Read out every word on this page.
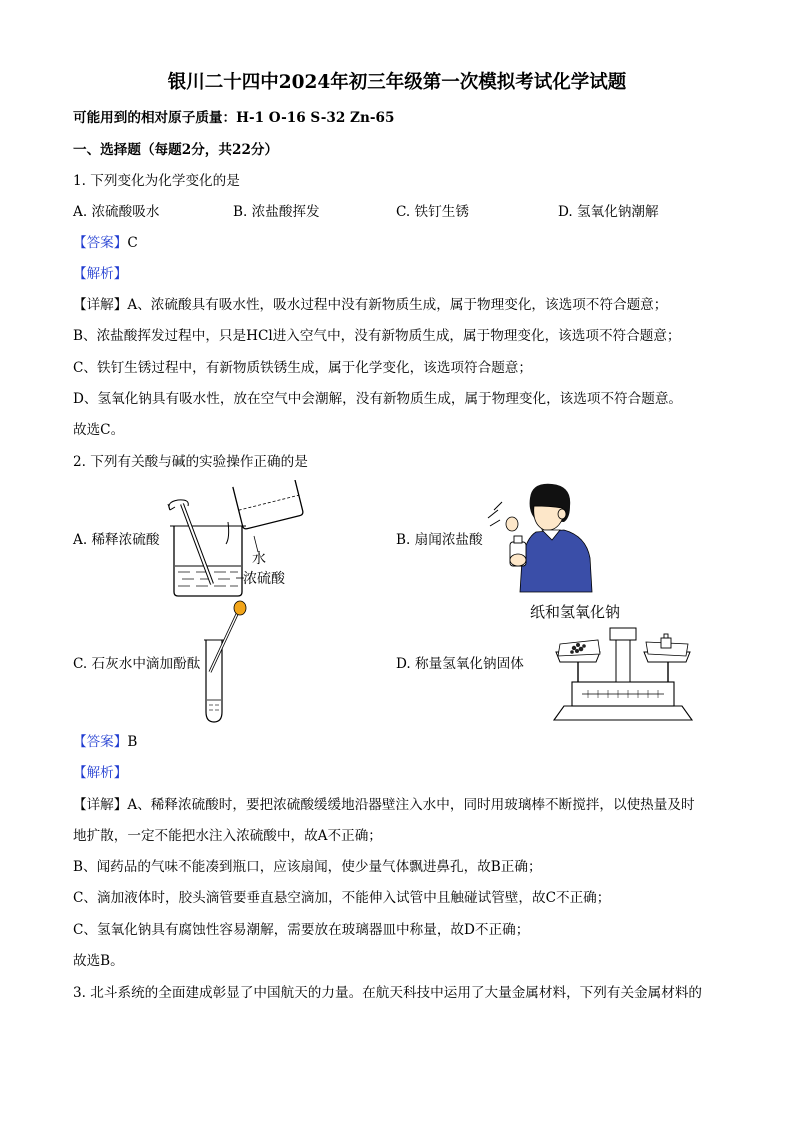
银川二十四中2024年初三年级第一次模拟考试化学试题
可能用到的相对原子质量：H-1 O-16 S-32 Zn-65
一、选择题（每题2分，共22分）
1. 下列变化为化学变化的是
A. 浓硫酸吸水	B. 浓盐酸挥发	C. 铁钉生锈	D. 氢氧化钠潮解
【答案】C
【解析】
【详解】A、浓硫酸具有吸水性，吸水过程中没有新物质生成，属于物理变化，该选项不符合题意；
B、浓盐酸挥发过程中，只是HCl进入空气中，没有新物质生成，属于物理变化，该选项不符合题意；
C、铁钉生锈过程中，有新物质铁锈生成，属于化学变化，该选项符合题意；
D、氢氧化钠具有吸水性，放在空气中会潮解，没有新物质生成，属于物理变化，该选项不符合题意。
故选C。
2. 下列有关酸与碱的实验操作正确的是
A. 稀释浓硫酸	B. 扇闻浓盐酸
C. 石灰水中滴加酚酞	D. 称量氢氧化钠固体
水
浓硫酸
纸和氢氧化钠
【答案】B
【解析】
【详解】A、稀释浓硫酸时，要把浓硫酸缓缓地沿器壁注入水中，同时用玻璃棒不断搅拌，以使热量及时
地扩散，一定不能把水注入浓硫酸中，故A不正确；
B、闻药品的气味不能凑到瓶口，应该扇闻，使少量气体飘进鼻孔，故B正确；
C、滴加液体时，胶头滴管要垂直悬空滴加，不能伸入试管中且触碰试管壁，故C不正确；
C、氢氧化钠具有腐蚀性容易潮解，需要放在玻璃器皿中称量，故D不正确；
故选B。
3. 北斗系统的全面建成彰显了中国航天的力量。在航天科技中运用了大量金属材料，下列有关金属材料的
